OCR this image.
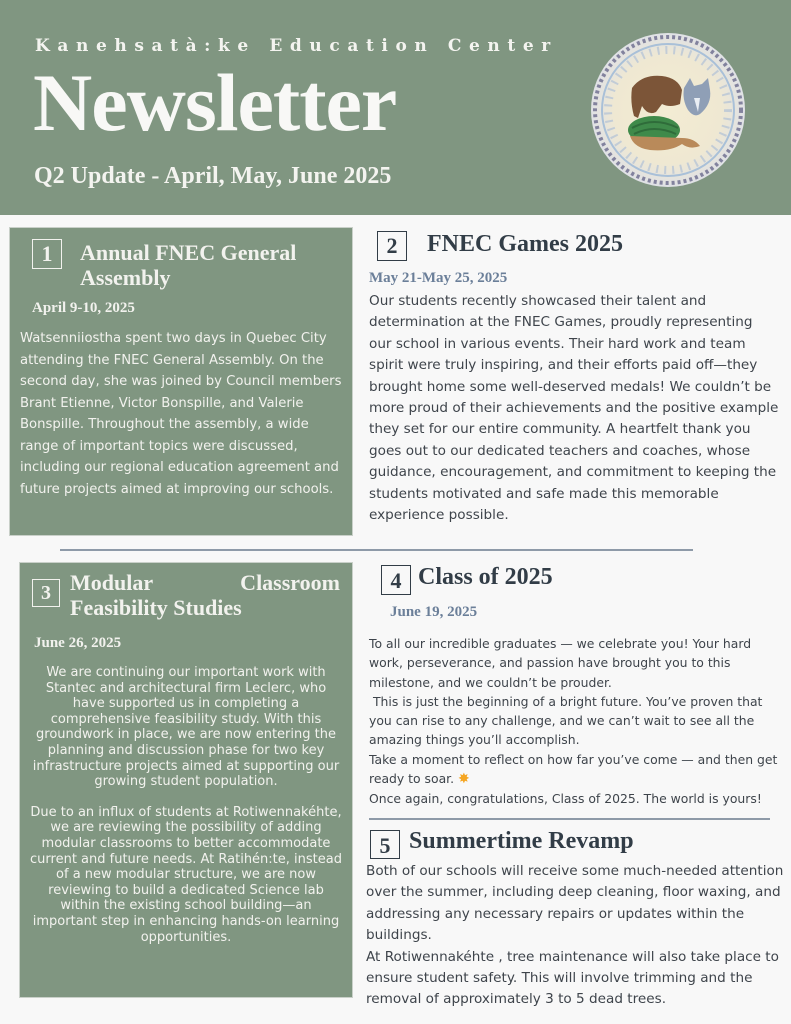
Kanehsatà:ke Education Center
Newsletter
Q2 Update - April, May, June 2025
1	Annual FNEC General Assembly
April 9-10, 2025

Watsenniiostha spent two days in Quebec City attending the FNEC General Assembly. On the second day, she was joined by Council members Brant Etienne, Victor Bonspille, and Valerie Bonspille. Throughout the assembly, a wide range of important topics were discussed, including our regional education agreement and future projects aimed at improving our schools.

2	FNEC Games 2025
May 21-May 25, 2025

Our students recently showcased their talent and determination at the FNEC Games, proudly representing our school in various events. Their hard work and team spirit were truly inspiring, and their efforts paid off—they brought home some well-deserved medals! We couldn’t be more proud of their achievements and the positive example they set for our entire community. A heartfelt thank you goes out to our dedicated teachers and coaches, whose guidance, encouragement, and commitment to keeping the students motivated and safe made this memorable experience possible.

3 Modular Classroom Feasibility Studies
June 26, 2025

We are continuing our important work with Stantec and architectural firm Leclerc, who have supported us in completing a comprehensive feasibility study. With this groundwork in place, we are now entering the planning and discussion phase for two key infrastructure projects aimed at supporting our growing student population.

Due to an influx of students at Rotiwennakéhte, we are reviewing the possibility of adding modular classrooms to better accommodate current and future needs. At Ratihén:te, instead of a new modular structure, we are now reviewing to build a dedicated Science lab within the existing school building—an important step in enhancing hands-on learning opportunities.

4 Class of 2025
June 19, 2025

To all our incredible graduates — we celebrate you! Your hard work, perseverance, and passion have brought you to this milestone, and we couldn’t be prouder.

This is just the beginning of a bright future. You’ve proven that you can rise to any challenge, and we can’t wait to see all the amazing things you’ll accomplish.

Take a moment to reflect on how far you’ve come — and then get ready to soar. ✸

Once again, congratulations, Class of 2025. The world is yours!

5 Summertime Revamp

Both of our schools will receive some much-needed attention over the summer, including deep cleaning, floor waxing, and addressing any necessary repairs or updates within the buildings.

At Rotiwennakéhte , tree maintenance will also take place to ensure student safety. This will involve trimming and the removal of approximately 3 to 5 dead trees.
